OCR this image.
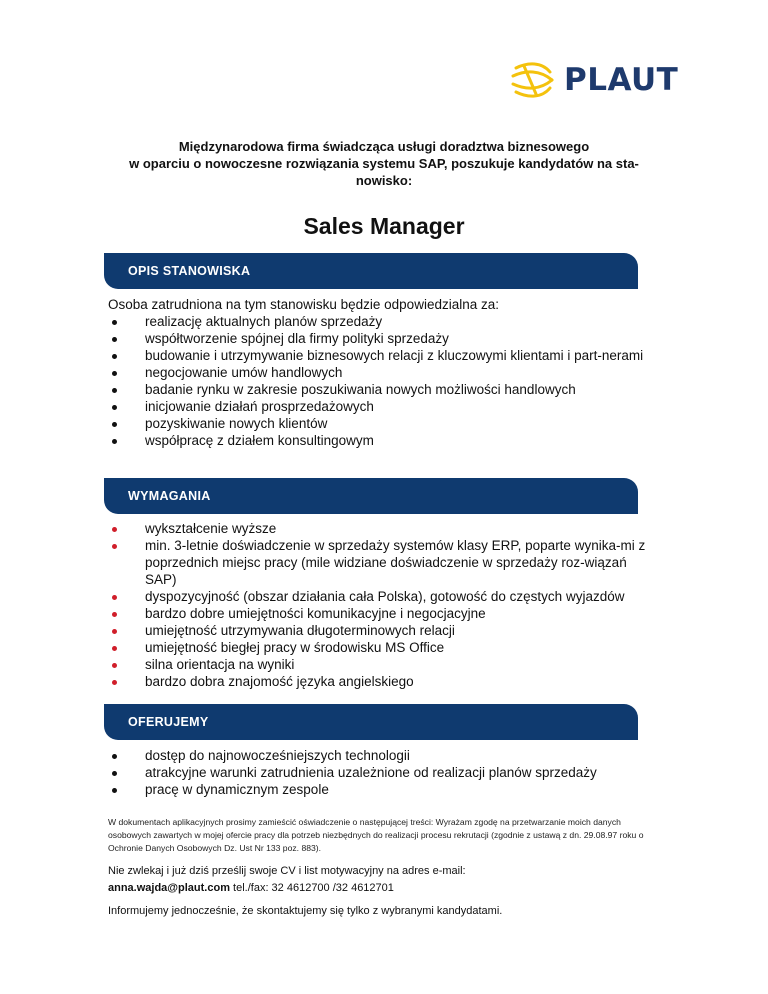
PLAUT
Międzynarodowa firma świadcząca usługi doradztwa biznesowego
w oparciu o nowoczesne rozwiązania systemu SAP, poszukuje kandydatów na sta-
nowisko:
Sales Manager
OPIS STANOWISKA
Osoba zatrudniona na tym stanowisku będzie odpowiedzialna za:
realizację aktualnych planów sprzedaży
współtworzenie spójnej dla firmy polityki sprzedaży
budowanie i utrzymywanie biznesowych relacji z kluczowymi klientami i part-nerami
negocjowanie umów handlowych
badanie rynku w zakresie poszukiwania nowych możliwości handlowych
inicjowanie działań prosprzedażowych
pozyskiwanie nowych klientów
współpracę z działem konsultingowym
WYMAGANIA
wykształcenie wyższe
min. 3-letnie doświadczenie w sprzedaży systemów klasy ERP, poparte wynika-mi z poprzednich miejsc pracy (mile widziane doświadczenie w sprzedaży roz-wiązań SAP)
dyspozycyjność (obszar działania cała Polska), gotowość do częstych wyjazdów
bardzo dobre umiejętności komunikacyjne i negocjacyjne
umiejętność utrzymywania długoterminowych relacji
umiejętność biegłej pracy w środowisku MS Office
silna orientacja na wyniki
bardzo dobra znajomość języka angielskiego
OFERUJEMY
dostęp do najnowocześniejszych technologii
atrakcyjne warunki zatrudnienia uzależnione od realizacji planów sprzedaży
pracę w dynamicznym zespole
W dokumentach aplikacyjnych prosimy zamieścić oświadczenie o następującej treści: Wyrażam zgodę na przetwarzanie moich danych osobowych zawartych w mojej ofercie pracy dla potrzeb niezbędnych do realizacji procesu rekrutacji (zgodnie z ustawą z dn. 29.08.97 roku o Ochronie Danych Osobowych Dz. Ust Nr 133 poz. 883).
Nie zwlekaj i już dziś prześlij swoje CV i list motywacyjny na adres e-mail:
anna.wajda@plaut.com tel./fax: 32 4612700 /32 4612701
Informujemy jednocześnie, że skontaktujemy się tylko z wybranymi kandydatami.
